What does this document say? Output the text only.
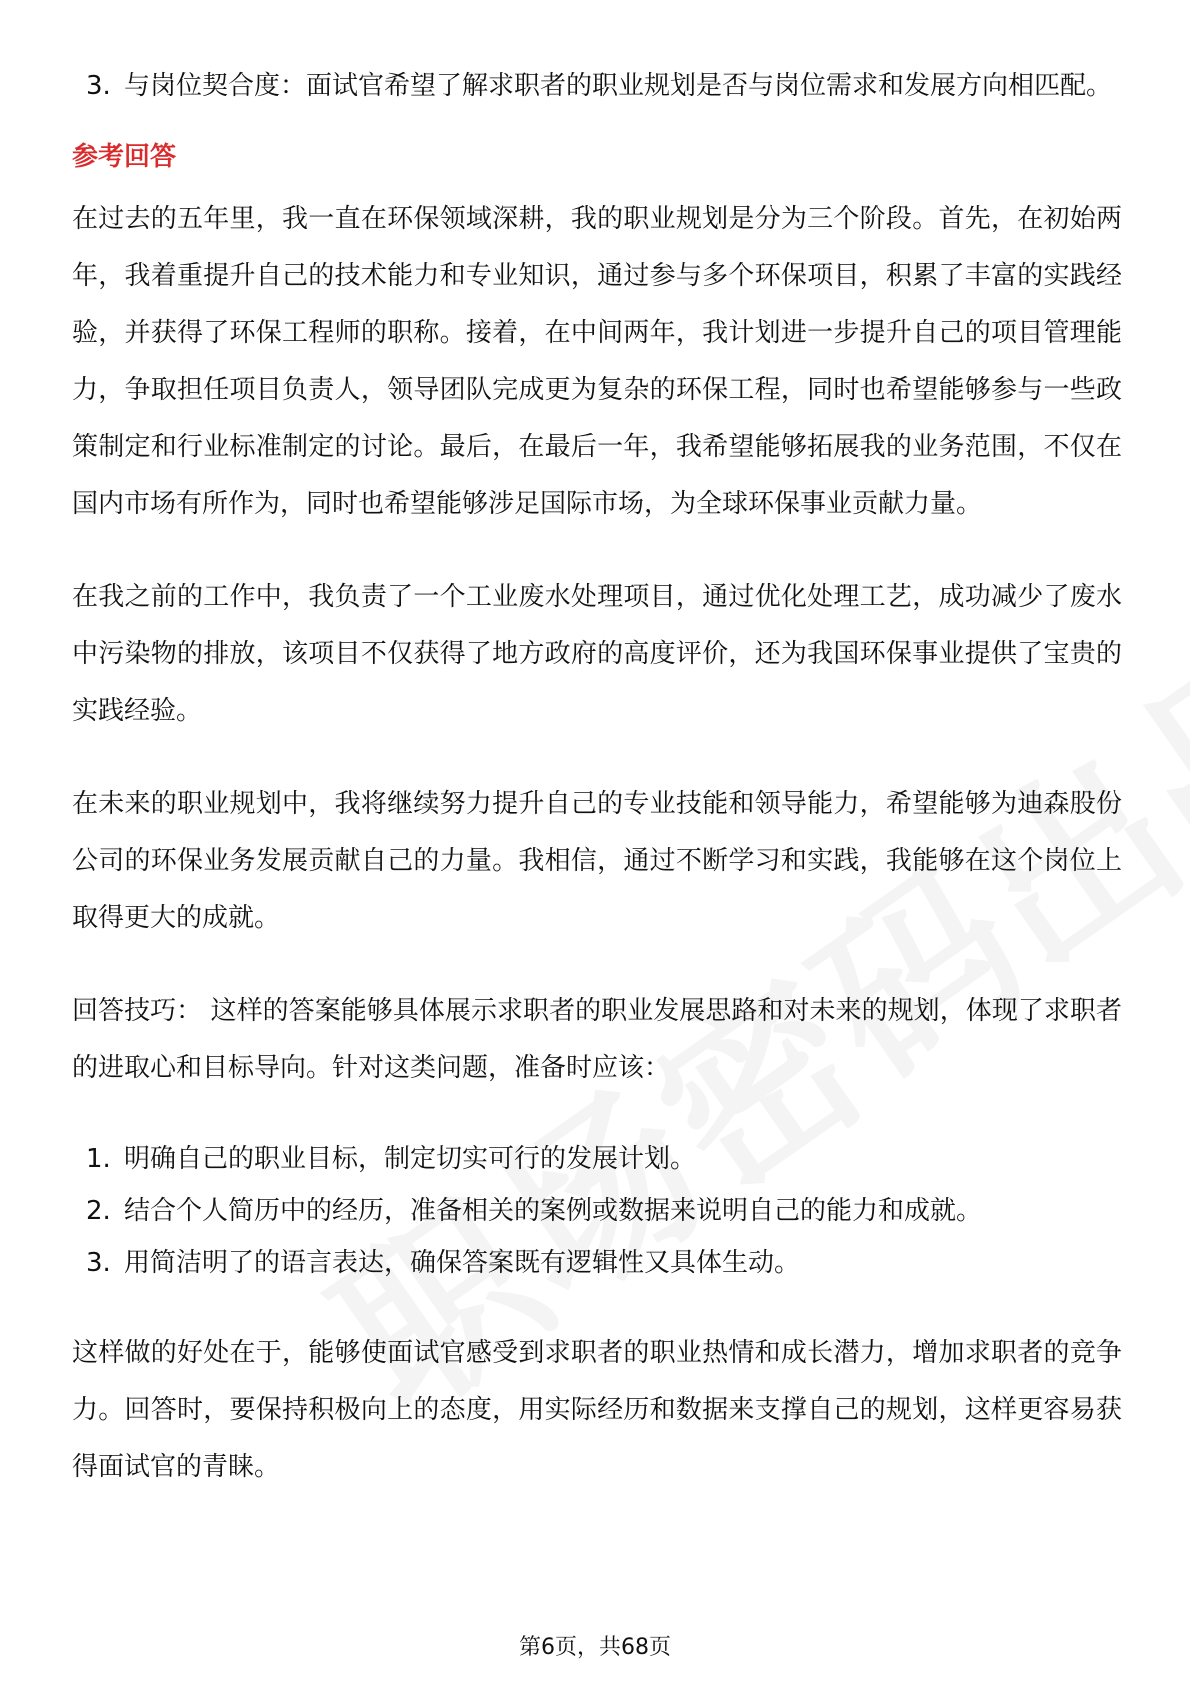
3. 与岗位契合度：面试官希望了解求职者的职业规划是否与岗位需求和发展方向相匹配。
参考回答

在过去的五年里，我一直在环保领域深耕，我的职业规划是分为三个阶段。首先，在初始两年，我着重提升自己的技术能力和专业知识，通过参与多个环保项目，积累了丰富的实践经验，并获得了环保工程师的职称。接着，在中间两年，我计划进一步提升自己的项目管理能力，争取担任项目负责人，领导团队完成更为复杂的环保工程，同时也希望能够参与一些政策制定和行业标准制定的讨论。最后，在最后一年，我希望能够拓展我的业务范围，不仅在国内市场有所作为，同时也希望能够涉足国际市场，为全球环保事业贡献力量。

在我之前的工作中，我负责了一个工业废水处理项目，通过优化处理工艺，成功减少了废水中污染物的排放，该项目不仅获得了地方政府的高度评价，还为我国环保事业提供了宝贵的实践经验。

在未来的职业规划中，我将继续努力提升自己的专业技能和领导能力，希望能够为迪森股份公司的环保业务发展贡献自己的力量。我相信，通过不断学习和实践，我能够在这个岗位上取得更大的成就。

回答技巧： 这样的答案能够具体展示求职者的职业发展思路和对未来的规划，体现了求职者的进取心和目标导向。针对这类问题，准备时应该：

1. 明确自己的职业目标，制定切实可行的发展计划。
2. 结合个人简历中的经历，准备相关的案例或数据来说明自己的能力和成就。
3. 用简洁明了的语言表达，确保答案既有逻辑性又具体生动。

这样做的好处在于，能够使面试官感受到求职者的职业热情和成长潜力，增加求职者的竞争力。回答时，要保持积极向上的态度，用实际经历和数据来支撑自己的规划，这样更容易获得面试官的青睐。

第6页，共68页
